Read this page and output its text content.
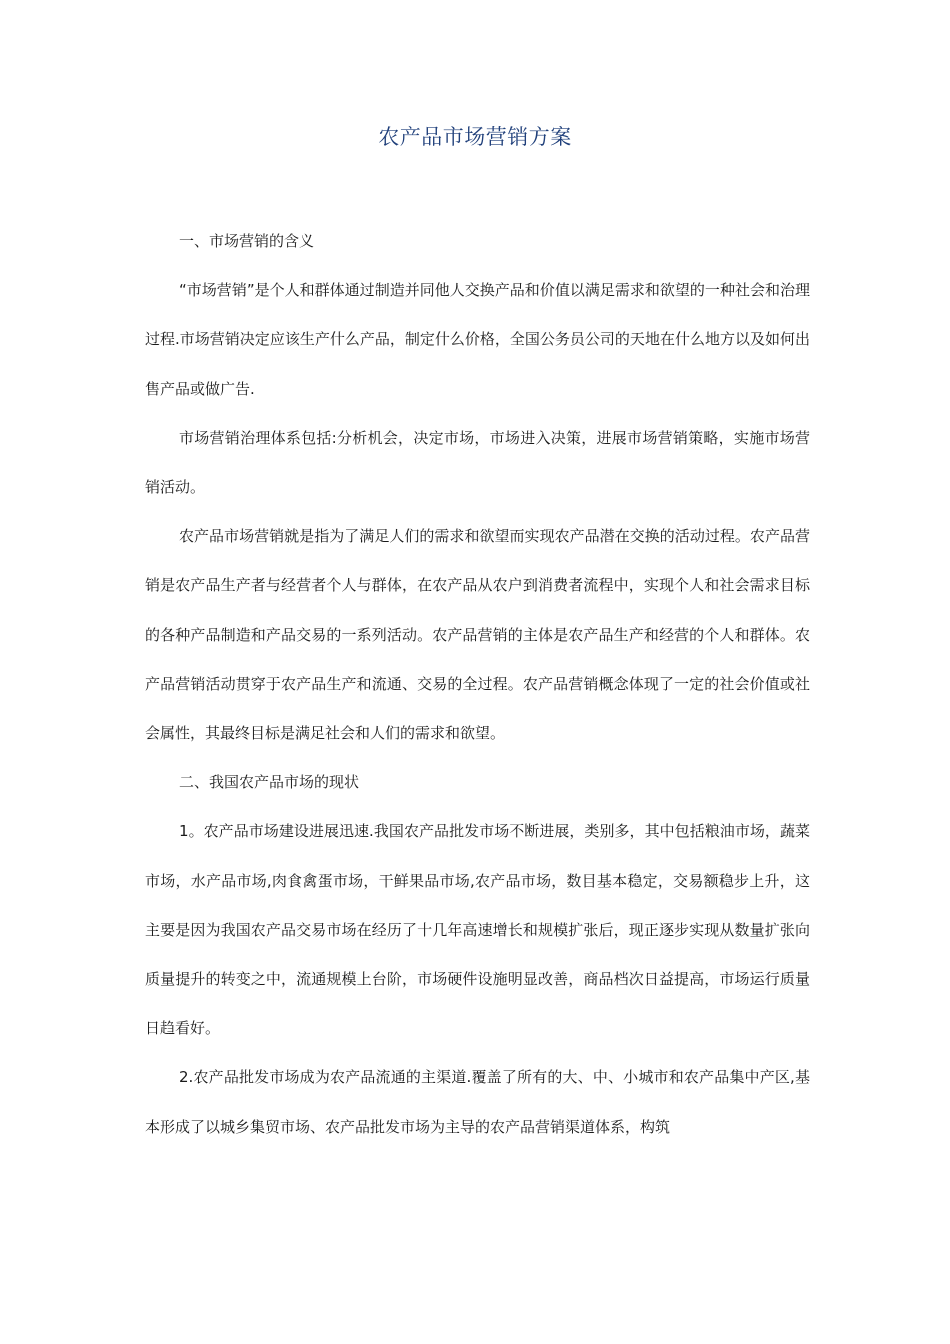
农产品市场营销方案

一、市场营销的含义

“市场营销”是个人和群体通过制造并同他人交换产品和价值以满足需求和欲望的一种社会和治理过程.市场营销决定应该生产什么产品，制定什么价格，全国公务员公司的天地在什么地方以及如何出售产品或做广告.

市场营销治理体系包括:分析机会，决定市场，市场进入决策，进展市场营销策略，实施市场营销活动。

农产品市场营销就是指为了满足人们的需求和欲望而实现农产品潜在交换的活动过程。农产品营销是农产品生产者与经营者个人与群体，在农产品从农户到消费者流程中，实现个人和社会需求目标的各种产品制造和产品交易的一系列活动。农产品营销的主体是农产品生产和经营的个人和群体。农产品营销活动贯穿于农产品生产和流通、交易的全过程。农产品营销概念体现了一定的社会价值或社会属性，其最终目标是满足社会和人们的需求和欲望。

二、我国农产品市场的现状

1。农产品市场建设进展迅速.我国农产品批发市场不断进展，类别多，其中包括粮油市场，蔬菜市场，水产品市场,肉食禽蛋市场，干鲜果品市场,农产品市场，数目基本稳定，交易额稳步上升，这主要是因为我国农产品交易市场在经历了十几年高速增长和规模扩张后，现正逐步实现从数量扩张向质量提升的转变之中，流通规模上台阶，市场硬件设施明显改善，商品档次日益提高，市场运行质量日趋看好。

2.农产品批发市场成为农产品流通的主渠道.覆盖了所有的大、中、小城市和农产品集中产区,基本形成了以城乡集贸市场、农产品批发市场为主导的农产品营销渠道体系，构筑
